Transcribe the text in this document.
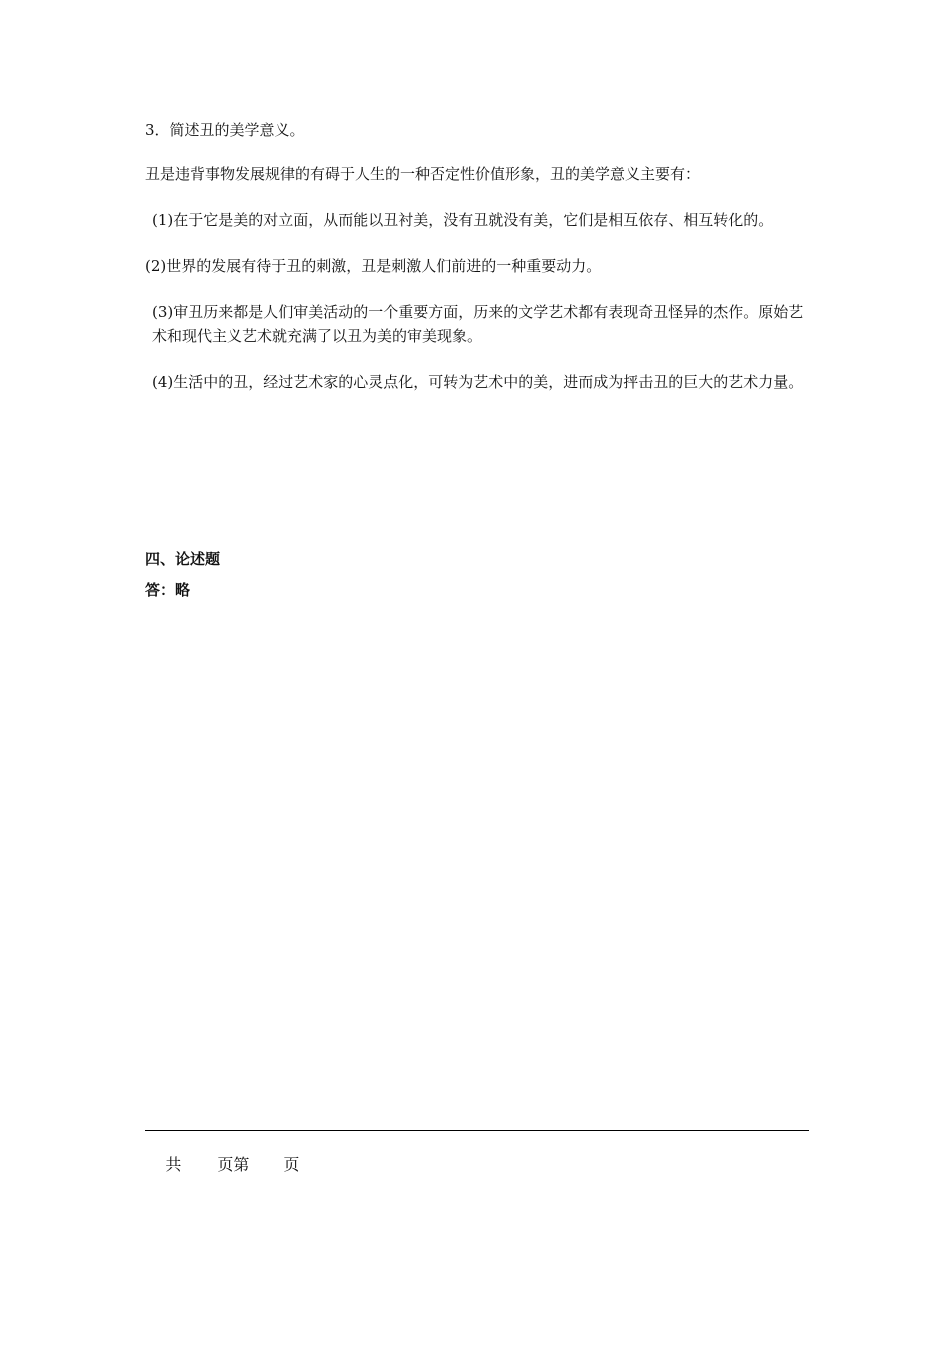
3．简述丑的美学意义。

丑是违背事物发展规律的有碍于人生的一种否定性价值形象，丑的美学意义主要有：

(1)在于它是美的对立面，从而能以丑衬美，没有丑就没有美，它们是相互依存、相互转化的。

(2)世界的发展有待于丑的刺激，丑是刺激人们前进的一种重要动力。

(3)审丑历来都是人们审美活动的一个重要方面，历来的文学艺术都有表现奇丑怪异的杰作。原始艺术和现代主义艺术就充满了以丑为美的审美现象。

(4)生活中的丑，经过艺术家的心灵点化，可转为艺术中的美，进而成为抨击丑的巨大的艺术力量。

四、论述题

答：略

共 页第 页
